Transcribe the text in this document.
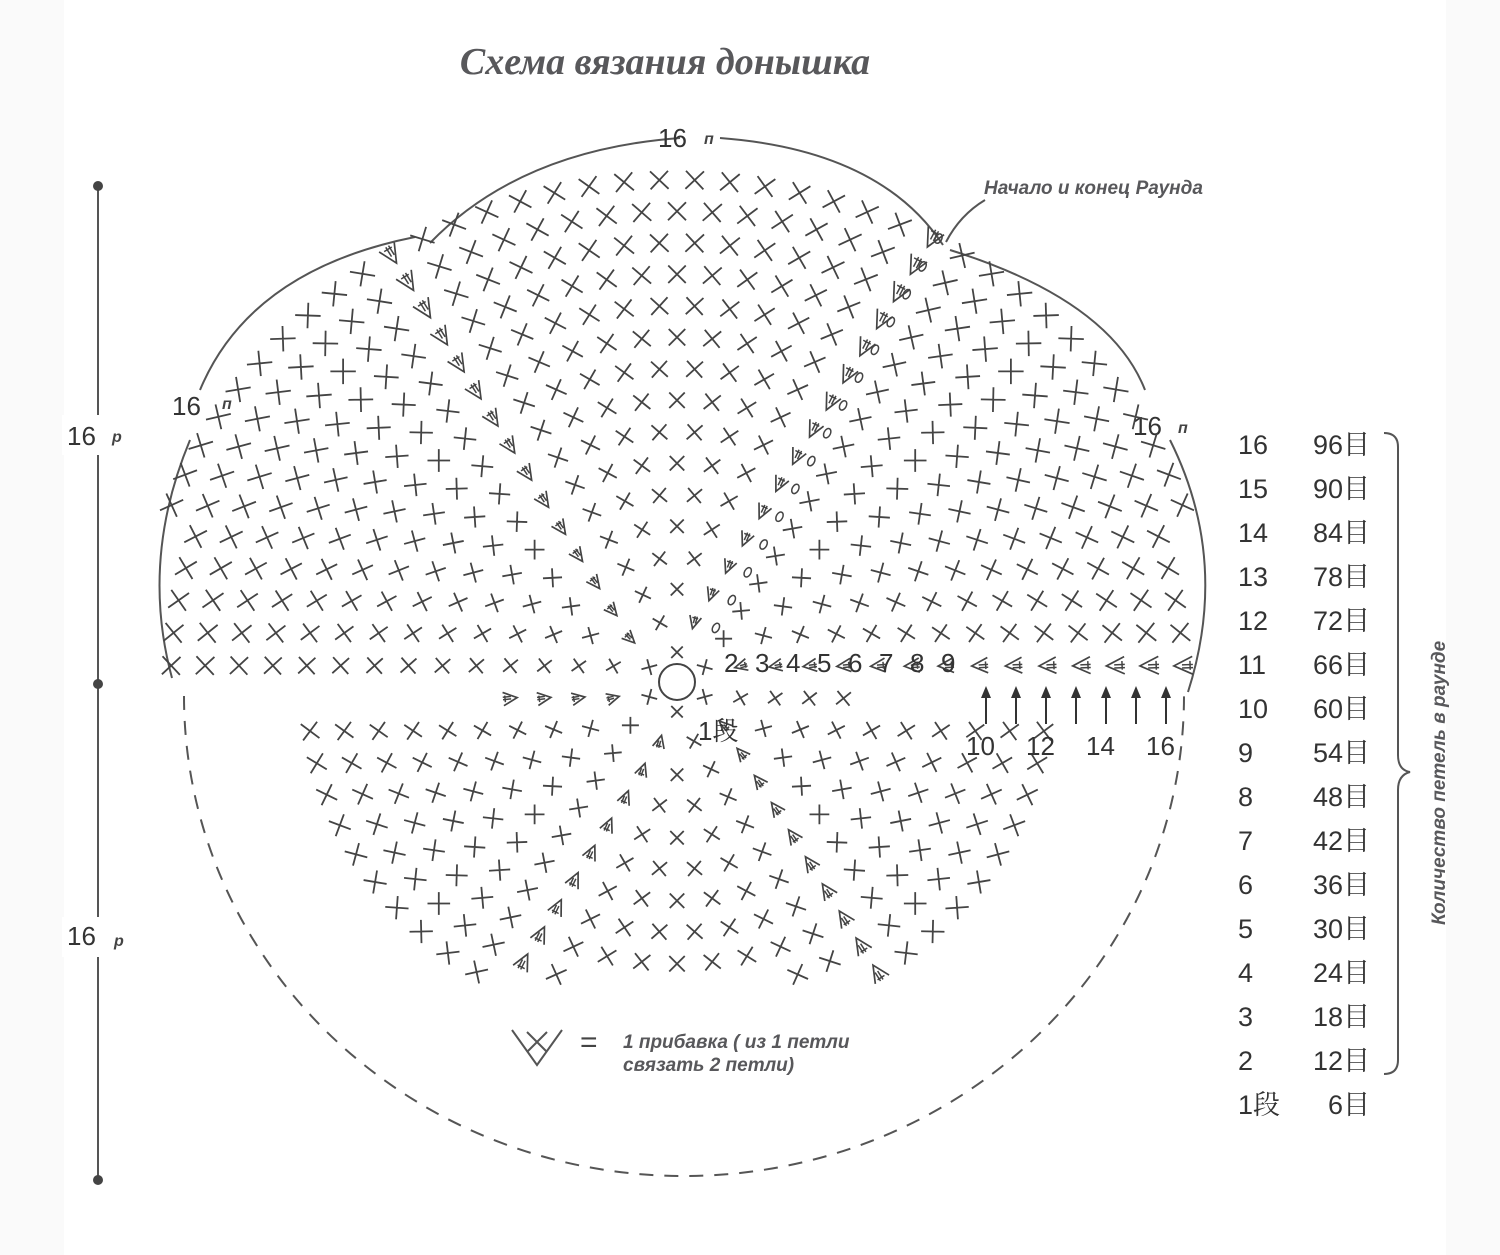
Схема вязания донышка
16 р
16 р
16 п
16 п
16 п
Начало и конец Раунда
2 3 4 5 6 7 8 9
10 12 14 16
1段
= 1 прибавка ( из 1 петли
связать 2 петли)
16 96目
15 90目
14 84目
13 78目
12 72目
11 66目
10 60目
9 54目
8 48目
7 42目
6 36目
5 30目
4 24目
3 18目
2 12目
1段 6目
Количество петель в раунде
